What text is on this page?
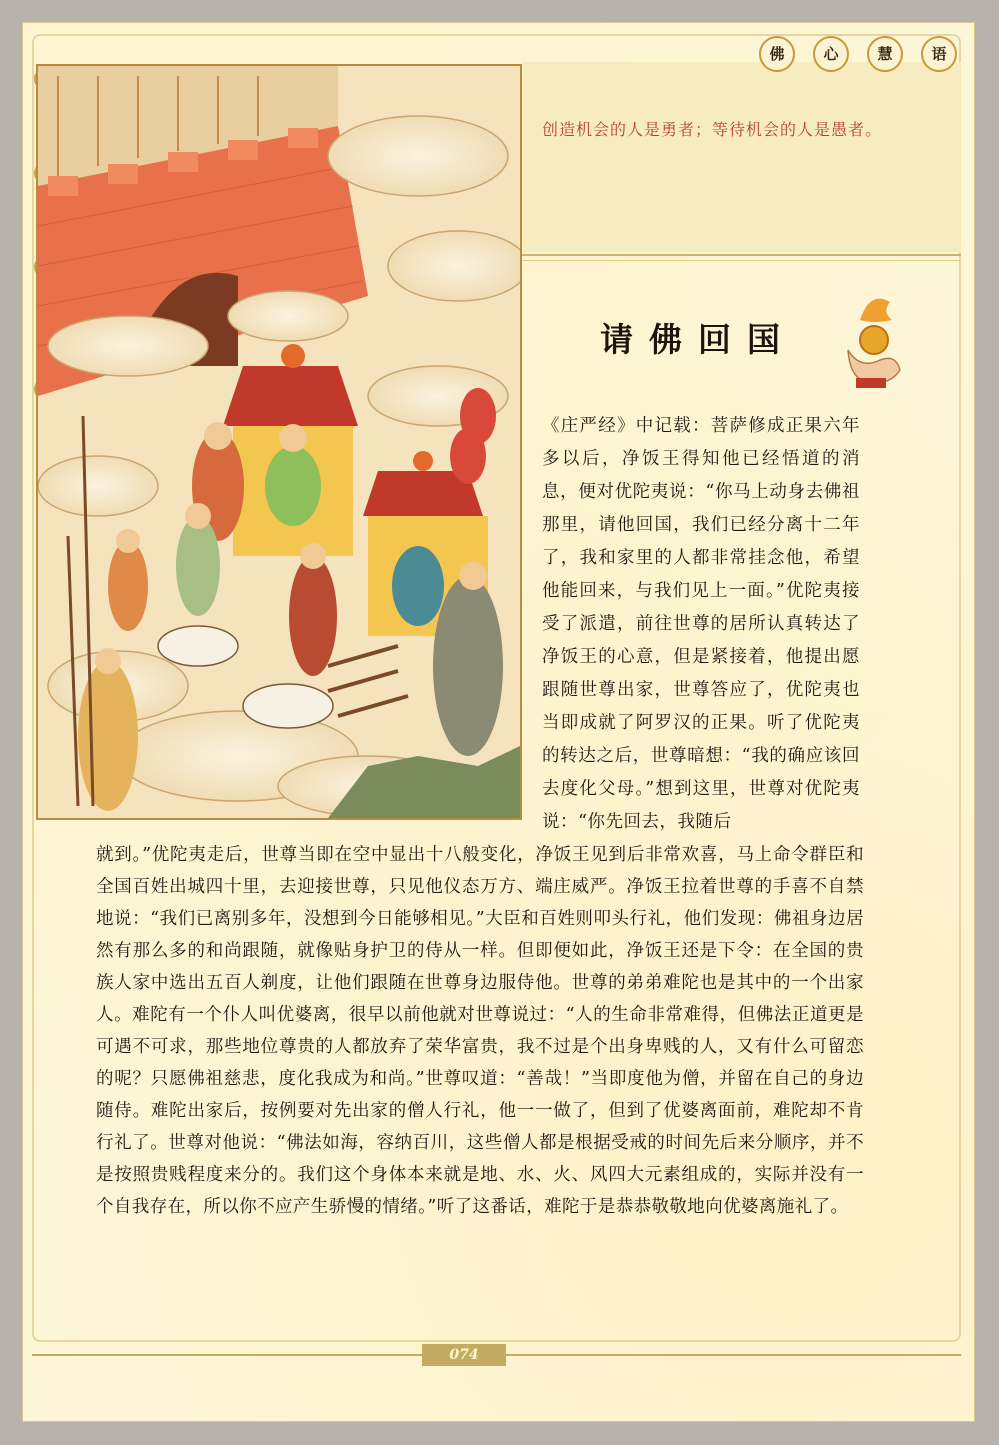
佛	心	慧	语
创造机会的人是勇者；等待机会的人是愚者。
请佛回国
《庄严经》中记载：菩萨修成正果六年多以后，净饭王得知他已经悟道的消息，便对优陀夷说：“你马上动身去佛祖那里，请他回国，我们已经分离十二年了，我和家里的人都非常挂念他，希望他能回来，与我们见上一面。”优陀夷接受了派遣，前往世尊的居所认真转达了净饭王的心意，但是紧接着，他提出愿跟随世尊出家，世尊答应了，优陀夷也当即成就了阿罗汉的正果。听了优陀夷的转达之后，世尊暗想：“我的确应该回去度化父母。”想到这里，世尊对优陀夷说：“你先回去，我随后
就到。”优陀夷走后，世尊当即在空中显出十八般变化，净饭王见到后非常欢喜，马上命令群臣和全国百姓出城四十里，去迎接世尊，只见他仪态万方、端庄威严。净饭王拉着世尊的手喜不自禁地说：“我们已离别多年，没想到今日能够相见。”大臣和百姓则叩头行礼，他们发现：佛祖身边居然有那么多的和尚跟随，就像贴身护卫的侍从一样。但即便如此，净饭王还是下令：在全国的贵族人家中选出五百人剃度，让他们跟随在世尊身边服侍他。世尊的弟弟难陀也是其中的一个出家人。难陀有一个仆人叫优婆离，很早以前他就对世尊说过：“人的生命非常难得，但佛法正道更是可遇不可求，那些地位尊贵的人都放弃了荣华富贵，我不过是个出身卑贱的人，又有什么可留恋的呢？只愿佛祖慈悲，度化我成为和尚。”世尊叹道：“善哉！”当即度他为僧，并留在自己的身边随侍。难陀出家后，按例要对先出家的僧人行礼，他一一做了，但到了优婆离面前，难陀却不肯行礼了。世尊对他说：“佛法如海，容纳百川，这些僧人都是根据受戒的时间先后来分顺序，并不是按照贵贱程度来分的。我们这个身体本来就是地、水、火、风四大元素组成的，实际并没有一个自我存在，所以你不应产生骄慢的情绪。”听了这番话，难陀于是恭恭敬敬地向优婆离施礼了。
074
